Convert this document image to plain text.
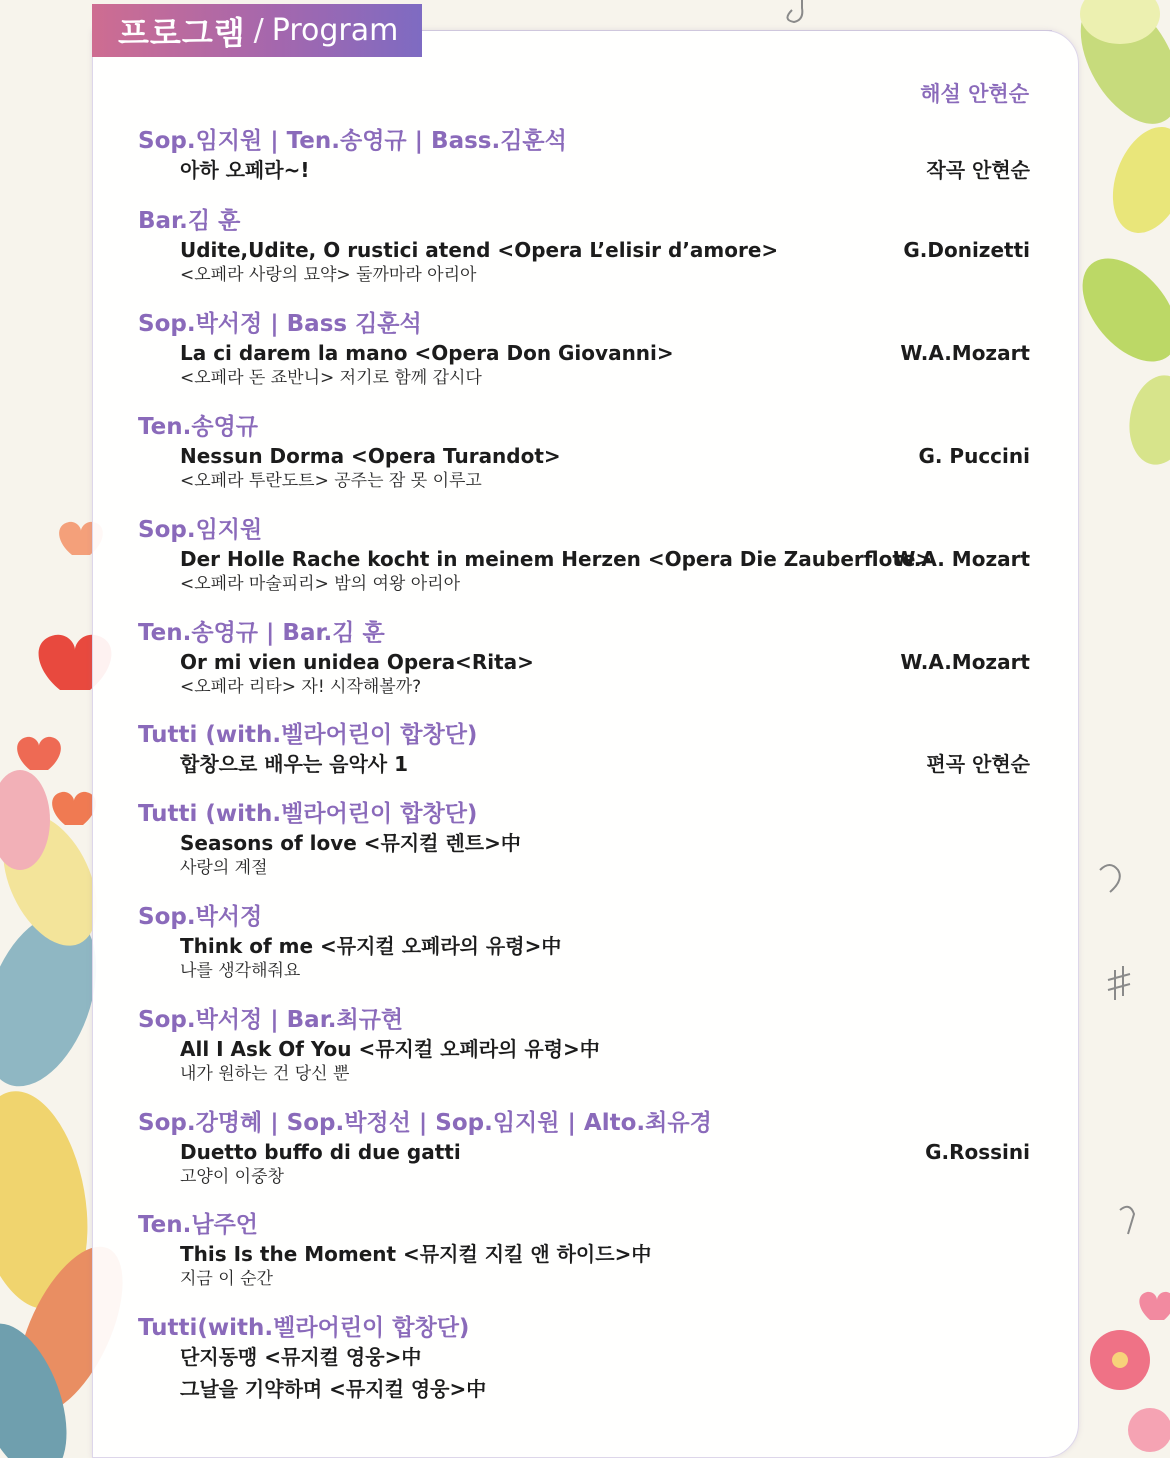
프로그램 / Program
해설 안현순
Sop.임지원 | Ten.송영규 | Bass.김훈석
아하 오페라~!	작곡 안현순
Bar.김 훈
Udite,Udite, O rustici atend <Opera L’elisir d’amore>
<오페라 사랑의 묘약> 둘까마라 아리아
G.Donizetti
Sop.박서정 | Bass 김훈석
La ci darem la mano <Opera Don Giovanni>
<오페라 돈 죠반니> 저기로 함께 갑시다
W.A.Mozart
Ten.송영규
Nessun Dorma <Opera Turandot>
<오페라 투란도트> 공주는 잠 못 이루고
G. Puccini
Sop.임지원
Der Holle Rache kocht in meinem Herzen <Opera Die Zauberflote>
<오페라 마술피리> 밤의 여왕 아리아
W.A. Mozart
Ten.송영규 | Bar.김 훈
Or mi vien unidea Opera<Rita>
<오페라 리타> 자! 시작해볼까?
W.A.Mozart
Tutti (with.벨라어린이 합창단)
합창으로 배우는 음악사 1	편곡 안현순
Tutti (with.벨라어린이 합창단)
Seasons of love <뮤지컬 렌트>中
사랑의 계절
Sop.박서정
Think of me <뮤지컬 오페라의 유령>中
나를 생각해줘요
Sop.박서정 | Bar.최규현
All I Ask Of You <뮤지컬 오페라의 유령>中
내가 원하는 건 당신 뿐
Sop.강명혜 | Sop.박정선 | Sop.임지원 | Alto.최유경
Duetto buffo di due gatti
고양이 이중창
G.Rossini
Ten.남주언
This Is the Moment <뮤지컬 지킬 앤 하이드>中
지금 이 순간
Tutti(with.벨라어린이 합창단)
단지동맹 <뮤지컬 영웅>中
그날을 기약하며 <뮤지컬 영웅>中
